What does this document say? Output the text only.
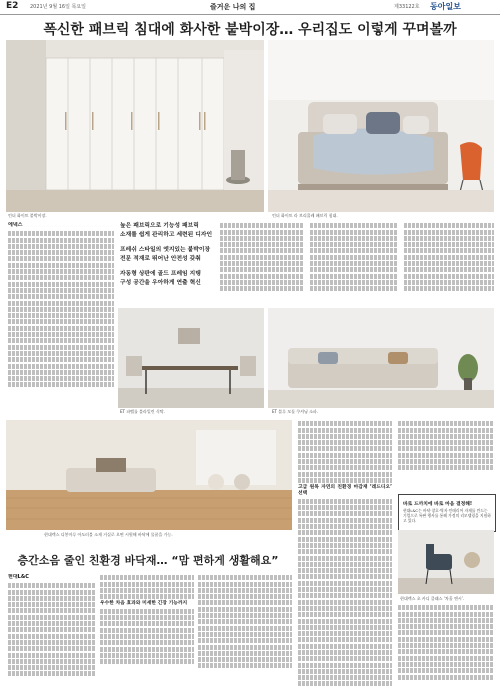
E2 2021년 9월 16일 목요일	즐거운 나의 집	제33122호 동아일보
폭신한 패브릭 침대에 화사한 붙박이장… 우리집도 이렇게 꾸며볼까
언더 화이트 붙박이장.	언더 화이트 라 브리콜레 패브릭 침대.
에넥스	높은 패브릭으로 기능성 패브릭
소재를 쉽게 관리하고 세련된 디자인
프레쉬 스타일의 엣지있는 붙박이장
전문 적재로 뛰어난 안전성 갖춰
자동형 상판에 골드 프레임 지탱
구성 공간을 우아하게 연출 혁신
ET 파벨를 블라일린 식탁.	ET 블루 모듈 쿠셔닝 소파.
현대렉스 디봉마루 아도러블 소재 거실로 오면 시원해 바닥에 물품을 가능.
층간소음 줄인 친환경 바닥재… “맘 편하게 생활해요”
현대L&C
우수한 차음 효과와 미세한 긴장 기능까지
고급 원목 자연의 친환경 마감재 ‘레드디오’ 선택
바로 드까치에 바로 마음 결정해!
현대L&C는 바닥·창호·벽지·인테리어 자재를 만드는 기업으로 특판 행사를 통해 가정의 리모델링을 지원하고 있다.
현대렉스 초 카디 클래스 ‘차홀 앤시’.
